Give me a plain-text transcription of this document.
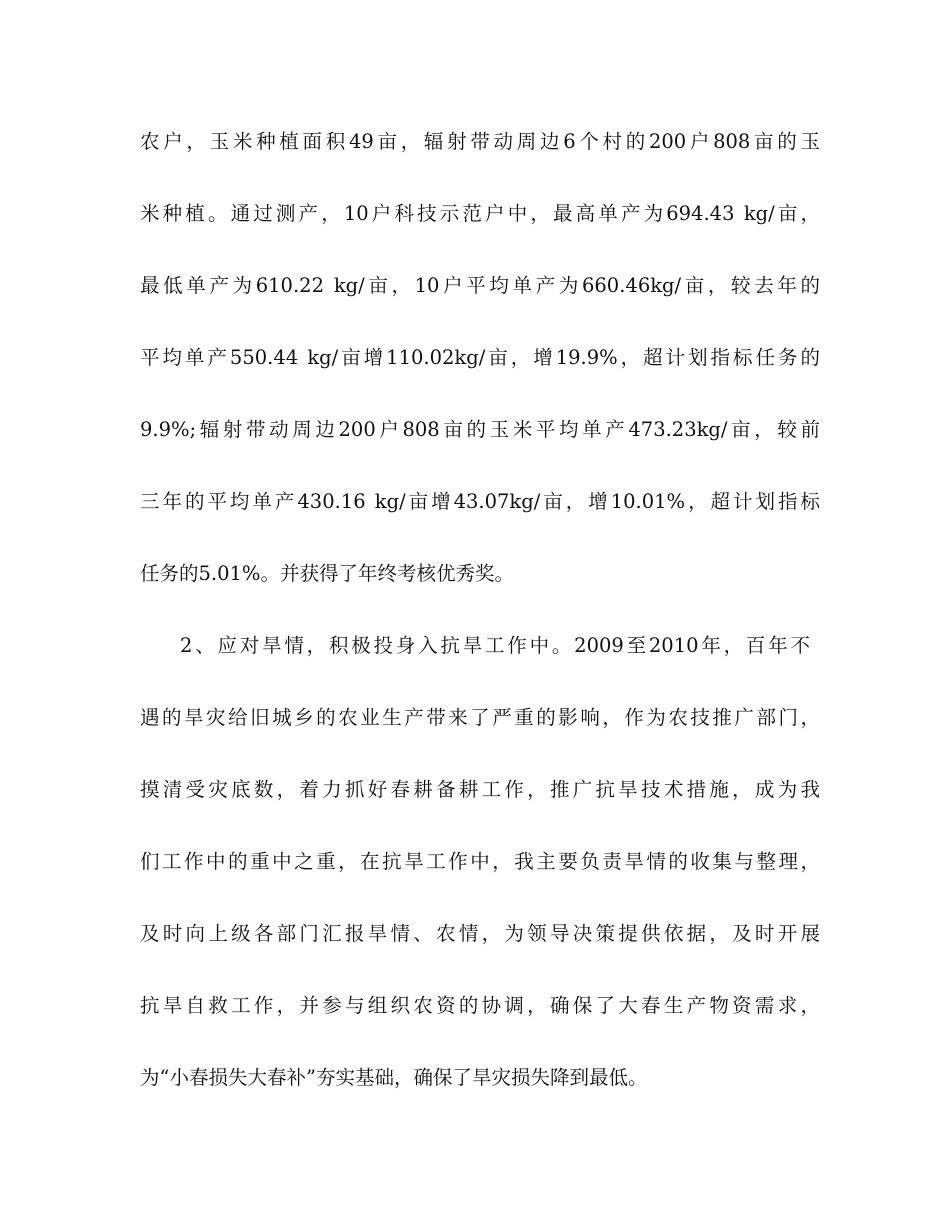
农户，玉米种植面积49亩，辐射带动周边6个村的200户808亩的玉
米种植。通过测产，10户科技示范户中，最高单产为694.43 kg/亩，
最低单产为610.22 kg/亩，10户平均单产为660.46kg/亩，较去年的
平均单产550.44 kg/亩增110.02kg/亩，增19.9%，超计划指标任务的
9.9%;辐射带动周边200户808亩的玉米平均单产473.23kg/亩，较前
三年的平均单产430.16 kg/亩增43.07kg/亩，增10.01%，超计划指标
任务的5.01%。并获得了年终考核优秀奖。
2、应对旱情，积极投身入抗旱工作中。2009至2010年，百年不
遇的旱灾给旧城乡的农业生产带来了严重的影响，作为农技推广部门，
摸清受灾底数，着力抓好春耕备耕工作，推广抗旱技术措施，成为我
们工作中的重中之重，在抗旱工作中，我主要负责旱情的收集与整理，
及时向上级各部门汇报旱情、农情，为领导决策提供依据，及时开展
抗旱自救工作，并参与组织农资的协调，确保了大春生产物资需求，
为“小春损失大春补”夯实基础，确保了旱灾损失降到最低。
